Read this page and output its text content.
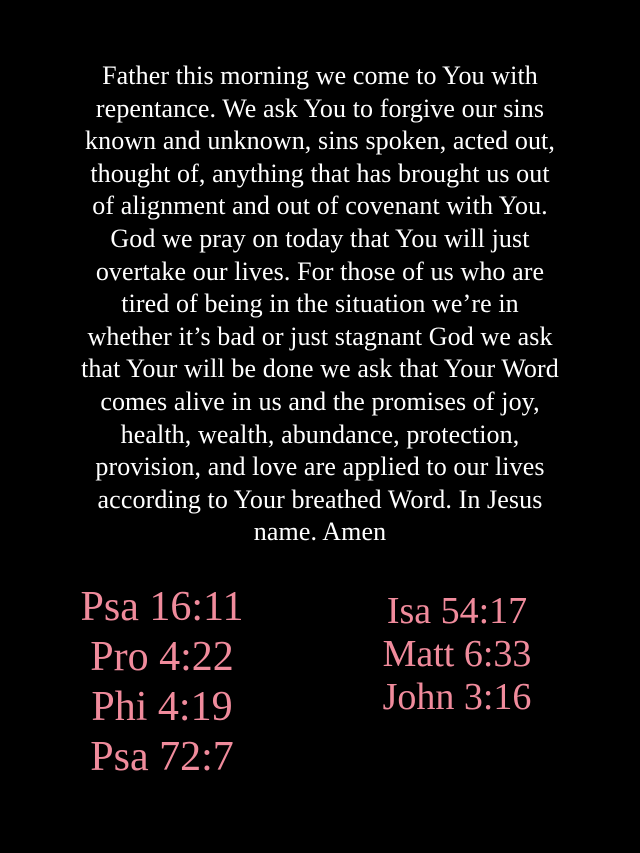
Father this morning we come to You with
repentance. We ask You to forgive our sins
known and unknown, sins spoken, acted out,
thought of, anything that has brought us out
of alignment and out of covenant with You.
God we pray on today that You will just
overtake our lives. For those of us who are
tired of being in the situation we’re in
whether it’s bad or just stagnant God we ask
that Your will be done we ask that Your Word
comes alive in us and the promises of joy,
health, wealth, abundance, protection,
provision, and love are applied to our lives
according to Your breathed Word. In Jesus
name. Amen

Psa 16:11
Pro 4:22
Phi 4:19
Psa 72:7
Isa 54:17
Matt 6:33
John 3:16
